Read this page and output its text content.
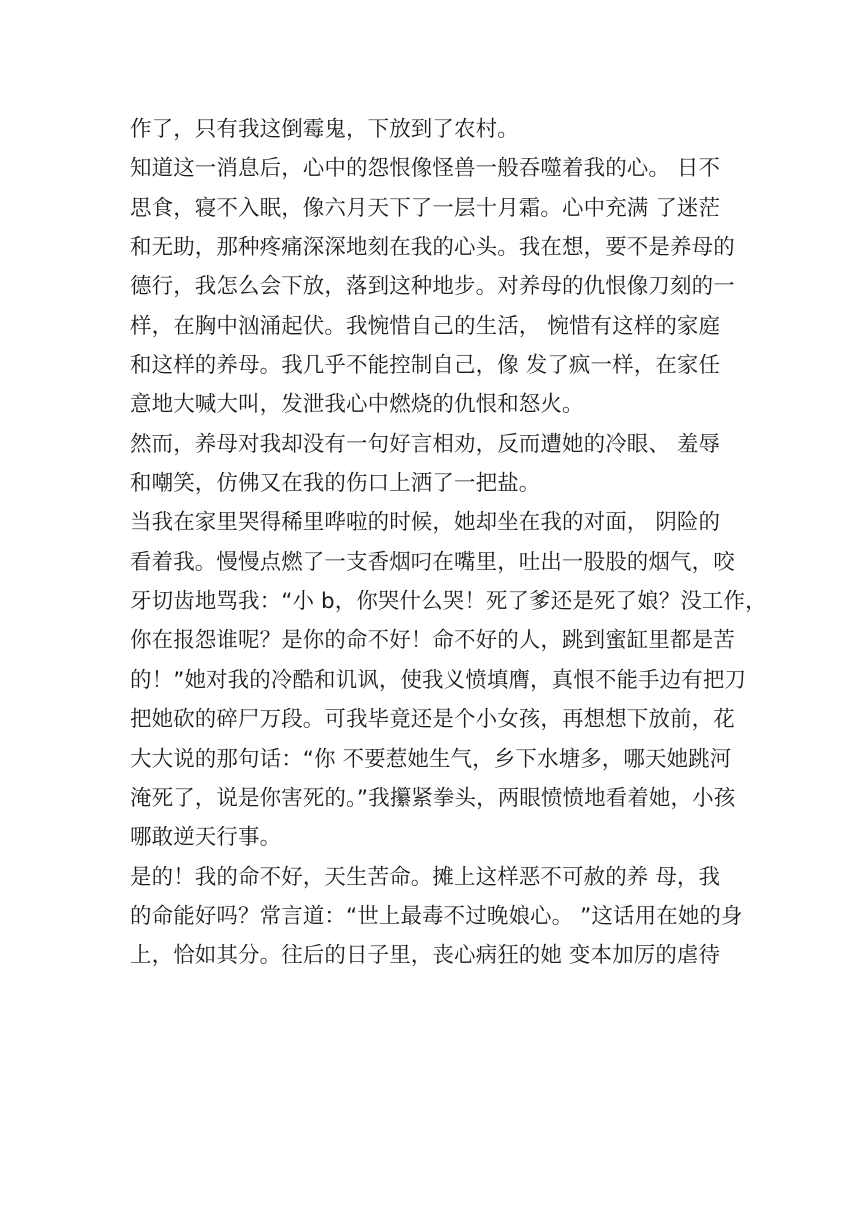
作了，只有我这倒霉鬼，下放到了农村。
知道这一消息后，心中的怨恨像怪兽一般吞噬着我的心。 日不
思食，寝不入眠，像六月天下了一层十月霜。心中充满 了迷茫
和无助，那种疼痛深深地刻在我的心头。我在想，要不是养母的
德行，我怎么会下放，落到这种地步。对养母的仇恨像刀刻的一
样，在胸中汹涌起伏。我惋惜自己的生活， 惋惜有这样的家庭
和这样的养母。我几乎不能控制自己，像 发了疯一样，在家任
意地大喊大叫，发泄我心中燃烧的仇恨和怒火。
然而，养母对我却没有一句好言相劝，反而遭她的冷眼、 羞辱
和嘲笑，仿佛又在我的伤口上洒了一把盐。
当我在家里哭得稀里哗啦的时候，她却坐在我的对面， 阴险的
看着我。慢慢点燃了一支香烟叼在嘴里，吐出一股股的烟气，咬
牙切齿地骂我：“小 b，你哭什么哭！死了爹还是死了娘？没工作，
你在报怨谁呢？是你的命不好！命不好的人，跳到蜜缸里都是苦
的！”她对我的冷酷和讥讽，使我义愤填膺，真恨不能手边有把刀
把她砍的碎尸万段。可我毕竟还是个小女孩，再想想下放前，花
大大说的那句话：“你 不要惹她生气，乡下水塘多，哪天她跳河
淹死了，说是你害死的。”我攥紧拳头，两眼愤愤地看着她，小孩
哪敢逆天行事。
是的！我的命不好，天生苦命。摊上这样恶不可赦的养 母，我
的命能好吗？常言道：“世上最毒不过晚娘心。 ”这话用在她的身
上，恰如其分。往后的日子里，丧心病狂的她 变本加厉的虐待
